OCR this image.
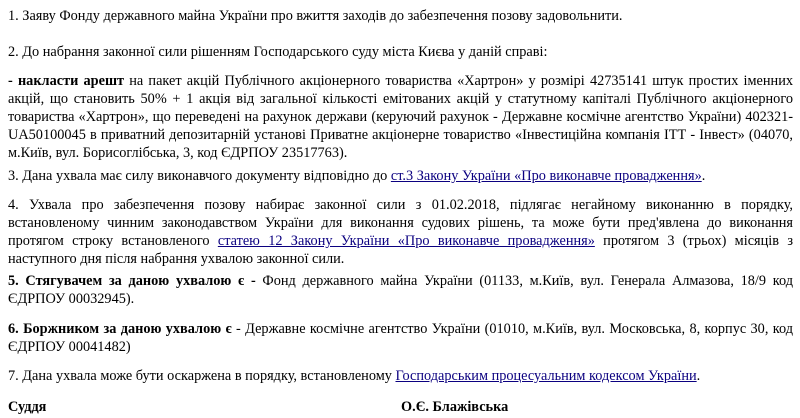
1. Заяву Фонду державного майна України про вжиття заходів до забезпечення позову задовольнити.

2. До набрання законної сили рішенням Господарського суду міста Києва у даній справі:

- накласти арешт на пакет акцій Публічного акціонерного товариства «Хартрон» у розмірі 42735141 штук простих іменних акцій, що становить 50% + 1 акція від загальної кількості емітованих акцій у статутному капіталі Публічного акціонерного товариства «Хартрон», що переведені на рахунок держави (керуючий рахунок - Державне космічне агентство України) 402321-UA50100045 в приватний депозитарній установі Приватне акціонерне товариство «Інвестиційна компанія ІТТ - Інвест» (04070, м.Київ, вул. Борисоглібська, 3, код ЄДРПОУ 23517763).

3. Дана ухвала має силу виконавчого документу відповідно до ст.3 Закону України «Про виконавче провадження».

4. Ухвала про забезпечення позову набирає законної сили з 01.02.2018, підлягає негайному виконанню в порядку, встановленому чинним законодавством України для виконання судових рішень, та може бути пред'явлена до виконання протягом строку встановленого статею 12 Закону України «Про виконавче провадження» протягом 3 (трьох) місяців з наступного дня після набрання ухвалою законної сили.

5. Стягувачем за даною ухвалою є - Фонд державного майна України (01133, м.Київ, вул. Генерала Алмазова, 18/9 код ЄДРПОУ 00032945).

6. Боржником за даною ухвалою є - Державне космічне агентство України (01010, м.Київ, вул. Московська, 8, корпус 30, код ЄДРПОУ 00041482)

7. Дана ухвала може бути оскаржена в порядку, встановленому Господарським процесуальним кодексом України.

Суддя	О.Є. Блажівська
